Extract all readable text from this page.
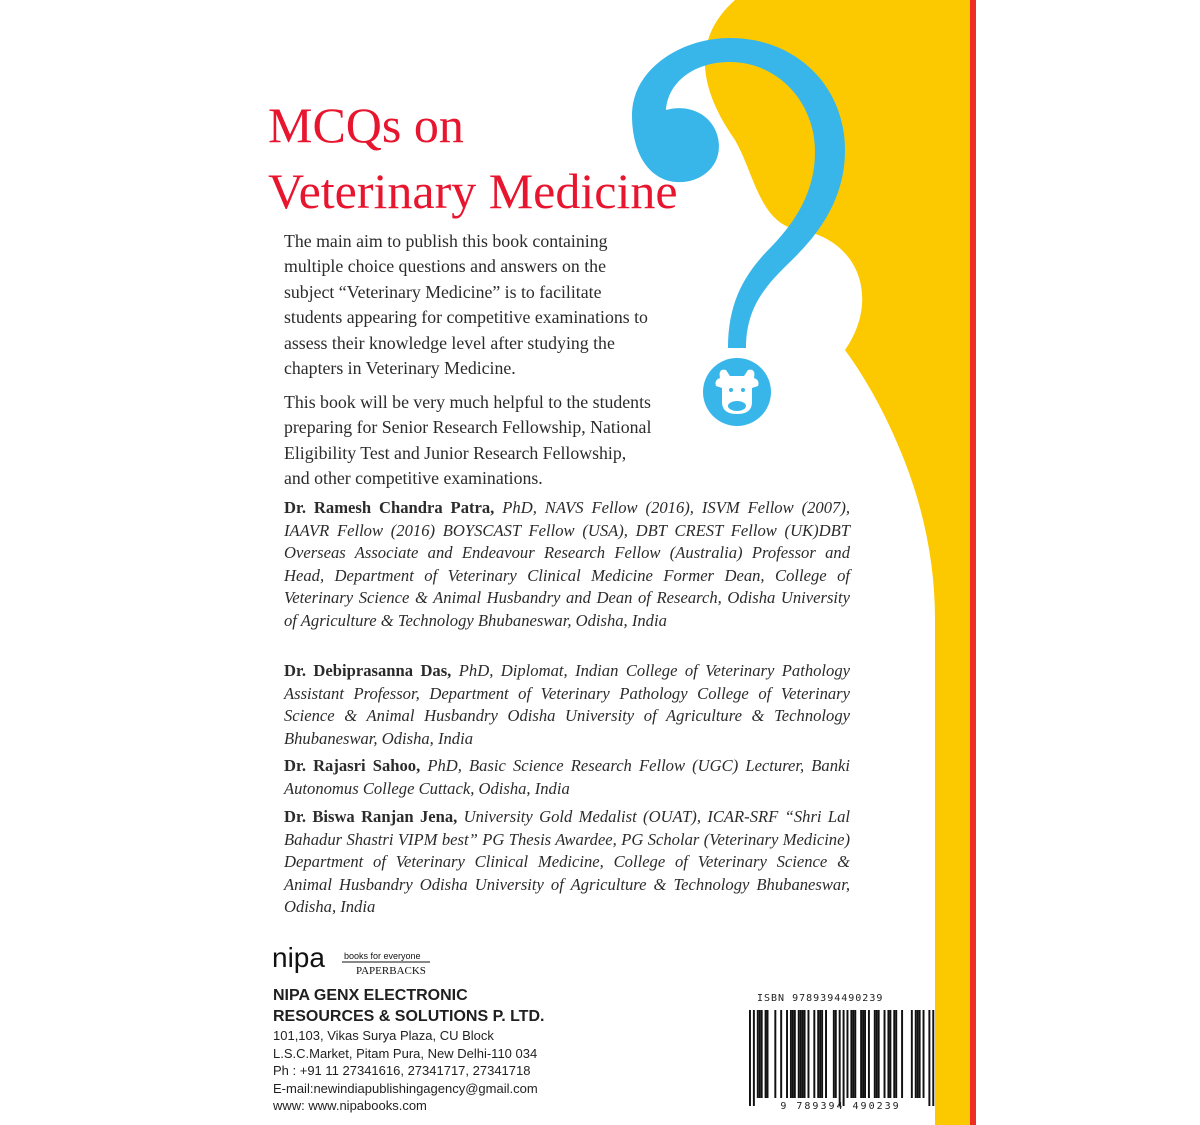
MCQs on
Veterinary Medicine
The main aim to publish this book containing
multiple choice questions and answers on the
subject “Veterinary Medicine” is to facilitate
students appearing for competitive examinations to
assess their knowledge level after studying the
chapters in Veterinary Medicine.
This book will be very much helpful to the students
preparing for Senior Research Fellowship, National
Eligibility Test and Junior Research Fellowship,
and other competitive examinations.

Dr. Ramesh Chandra Patra, PhD, NAVS Fellow (2016), ISVM Fellow (2007), IAAVR Fellow (2016) BOYSCAST Fellow (USA), DBT CREST Fellow (UK)DBT Overseas Associate and Endeavour Research Fellow (Australia) Professor and Head, Department of Veterinary Clinical Medicine Former Dean, College of Veterinary Science & Animal Husbandry and Dean of Research, Odisha University of Agriculture & Technology Bhubaneswar, Odisha, India

Dr. Debiprasanna Das, PhD, Diplomat, Indian College of Veterinary Pathology Assistant Professor, Department of Veterinary Pathology College of Veterinary Science & Animal Husbandry Odisha University of Agriculture & Technology Bhubaneswar, Odisha, India

Dr. Rajasri Sahoo, PhD, Basic Science Research Fellow (UGC) Lecturer, Banki Autonomus College Cuttack, Odisha, India

Dr. Biswa Ranjan Jena, University Gold Medalist (OUAT), ICAR-SRF “Shri Lal Bahadur Shastri VIPM best” PG Thesis Awardee, PG Scholar (Veterinary Medicine) Department of Veterinary Clinical Medicine, College of Veterinary Science & Animal Husbandry Odisha University of Agriculture & Technology Bhubaneswar, Odisha, India

nipa books for everyone
PAPERBACKS
NIPA GENX ELECTRONIC
RESOURCES & SOLUTIONS P. LTD.
101,103, Vikas Surya Plaza, CU Block
L.S.C.Market, Pitam Pura, New Delhi-110 034
Ph : +91 11 27341616, 27341717, 27341718
E-mail:newindiapublishingagency@gmail.com
www: www.nipabooks.com
ISBN 9789394490239
9 789394 490239
